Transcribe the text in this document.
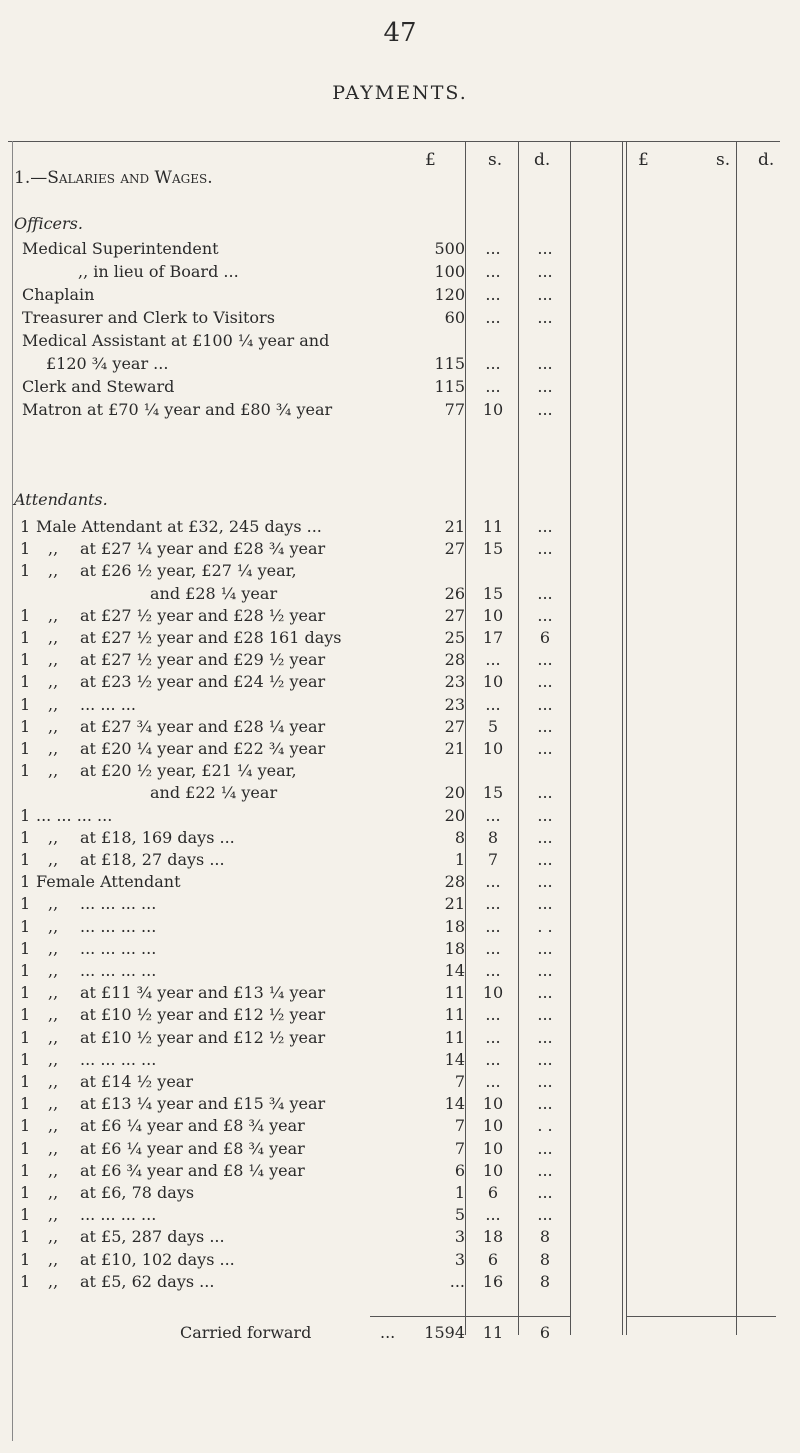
47
PAYMENTS.
£	s. d.	£	s. d.
1.—Salaries and Wages.
Officers.
Medical Superintendent	500	...	...
,, in lieu of Board ...	100	...	...
Chaplain	120	...	...
Treasurer and Clerk to Visitors	60	...	...
Medical Assistant at £100 ¼ year and
£120 ¾ year ...	115	...	...
Clerk and Steward	115	...	...
Matron at £70 ¼ year and £80 ¾ year	77	10	...
Attendants.
1 Male Attendant at £32, 245 days ...	21	11	...
1	,,	at £27 ¼ year and £28 ¾ year	27	15	...
1	,,	at £26 ½ year, £27 ¼ year,
and £28 ¼ year	26	15	...
1	,,	at £27 ½ year and £28 ½ year	27	10	...
1	,,	at £27 ½ year and £28 161 days	25	17	6
1	,,	at £27 ½ year and £29 ½ year	28	...	...
1	,,	at £23 ½ year and £24 ½ year	23	10	...
1	,,	... ... ...	23	...	...
1	,,	at £27 ¾ year and £28 ¼ year	27	5	...
1	,,	at £20 ¼ year and £22 ¾ year	21	10	...
1	,,	at £20 ½ year, £21 ¼ year,
and £22 ¼ year	20	15	...
1 ... ... ... ...	20	...	...
1	,,	at £18, 169 days ...	8	8	...
1	,,	at £18, 27 days ...	1	7	...
1 Female Attendant	28	...	...
1	,,	... ... ... ...	21	...	...
1	,,	... ... ... ...	18	...	. .
1	,,	... ... ... ...	18	...	...
1	,,	... ... ... ...	14	...	...
1	,,	at £11 ¾ year and £13 ¼ year	11	10	...
1	,,	at £10 ½ year and £12 ½ year	11	...	...
1	,,	at £10 ½ year and £12 ½ year	11	...	...
1	,,	... ... ... ...	14	...	...
1	,,	at £14 ½ year	7	...	...
1	,,	at £13 ¼ year and £15 ¾ year	14	10	...
1	,,	at £6 ¼ year and £8 ¾ year	7	10	. .
1	,,	at £6 ¼ year and £8 ¾ year	7	10	...
1	,,	at £6 ¾ year and £8 ¼ year	6	10	...
1	,,	at £6, 78 days	1	6	...
1	,,	... ... ... ...	5	...	...
1	,,	at £5, 287 days ...	3	18	8
1	,,	at £10, 102 days ...	3	6	8
1	,,	at £5, 62 days ...	...	16	8
Carried forward	...	1594	11	6
